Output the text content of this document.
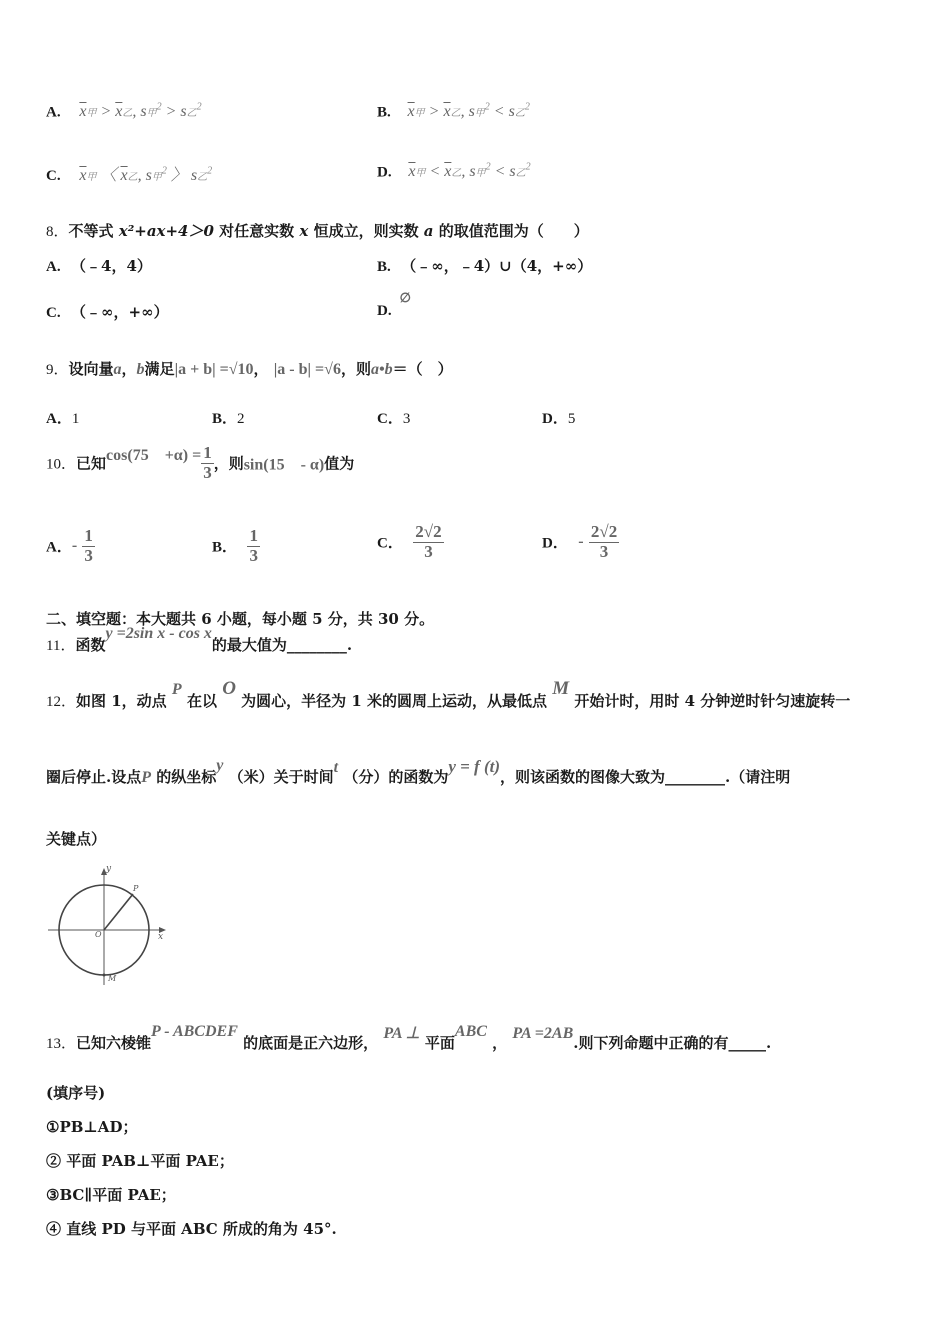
A. $\overline{x}$甲 > $\overline{x}$乙, s甲$^2$ > s乙$^2$	B. $\overline{x}$甲 > $\overline{x}$乙, s甲$^2$ < s乙$^2$
C. $\overline{x}$甲 〈 $\overline{x}$乙, s甲$^2$ 〉 s乙$^2$	D. $\overline{x}$甲 < $\overline{x}$乙, s甲$^2$ < s乙$^2$
8．不等式 x²+ax+4＞0 对任意实数 x 恒成立，则实数 a 的取值范围为（　　）
A. （﹣4，4）	B. （﹣∞，﹣4）∪（4，+∞）
C. （﹣∞，+∞）	D.∅
9．设向量a，b满足|a + b| =√10， |a - b| =√6，则a•b＝（　）
A．1	B．2	C．3	D．5
10．已知cos(75　$+\alpha) = \frac{1}{3}$ ，则sin(15　- α)值为
A．- $\frac{1}{3}$	B． $\frac{1}{3}$	C． $\frac{2√2}{3}$	D． - $\frac{2√2}{3}$
二、填空题：本大题共 6 小题，每小题 5 分，共 30 分。
11．函数y =2sin x - cos x的最大值为________.
12．如图 1，动点 P 在以 O 为圆心，半径为 1 米的圆周上运动，从最低点 M 开始计时，用时 4 分钟逆时针匀速旋转一
圈后停止.设点P 的纵坐标y （米）关于时间t （分）的函数为y = f (t)，则该函数的图像大致为________.（请注明
关键点）
y
x
O
P
M
13．已知六棱锥P - ABCDEF 的底面是正六边形， PA ⊥ 平面ABC ， PA =2AB.则下列命题中正确的有_____.
(填序号)
①PB⊥AD；
② 平面 PAB⊥平面 PAE；
③BC∥平面 PAE；
④ 直线 PD 与平面 ABC 所成的角为 45°.
